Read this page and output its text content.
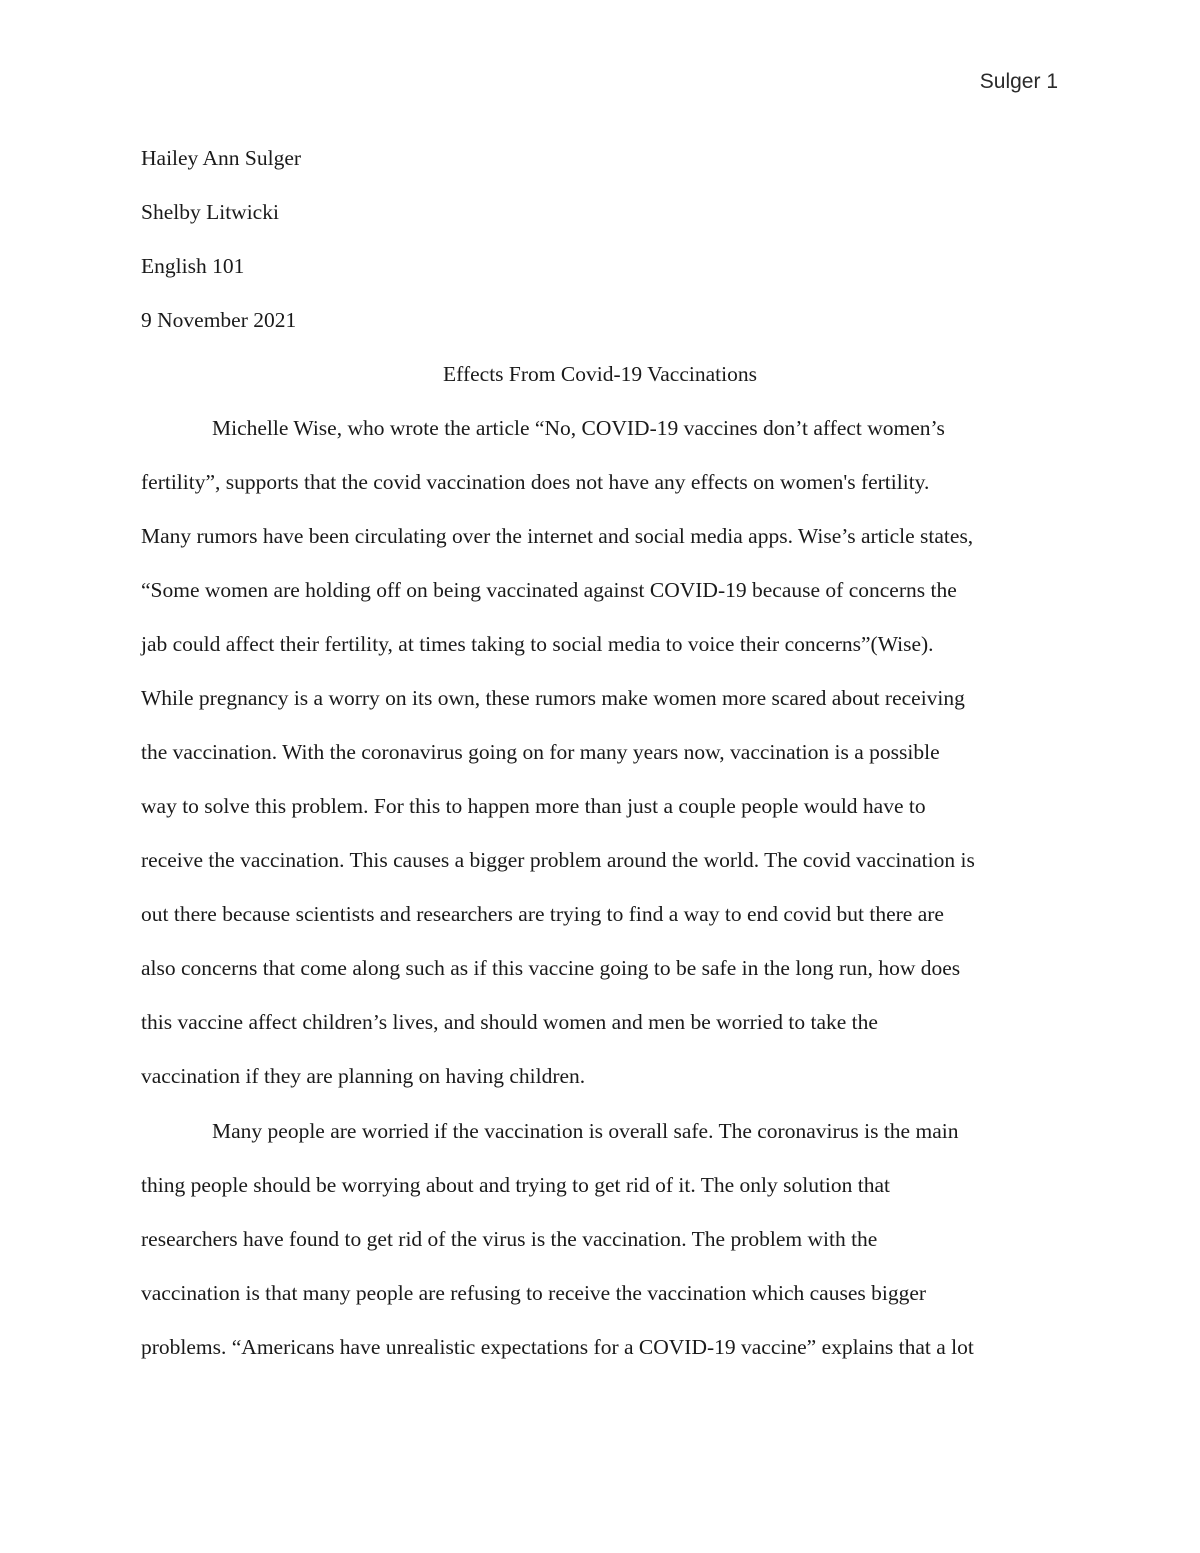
Sulger 1
Hailey Ann Sulger
Shelby Litwicki
English 101
9 November 2021
Effects From Covid-19 Vaccinations
Michelle Wise, who wrote the article “No, COVID-19 vaccines don’t affect women’s
fertility”, supports that the covid vaccination does not have any effects on women's fertility.
Many rumors have been circulating over the internet and social media apps. Wise’s article states,
“Some women are holding off on being vaccinated against COVID-19 because of concerns the
jab could affect their fertility, at times taking to social media to voice their concerns”(Wise).
While pregnancy is a worry on its own, these rumors make women more scared about receiving
the vaccination. With the coronavirus going on for many years now, vaccination is a possible
way to solve this problem. For this to happen more than just a couple people would have to
receive the vaccination. This causes a bigger problem around the world. The covid vaccination is
out there because scientists and researchers are trying to find a way to end covid but there are
also concerns that come along such as if this vaccine going to be safe in the long run, how does
this vaccine affect children’s lives, and should women and men be worried to take the
vaccination if they are planning on having children.
Many people are worried if the vaccination is overall safe. The coronavirus is the main
thing people should be worrying about and trying to get rid of it. The only solution that
researchers have found to get rid of the virus is the vaccination. The problem with the
vaccination is that many people are refusing to receive the vaccination which causes bigger
problems. “Americans have unrealistic expectations for a COVID-19 vaccine” explains that a lot
